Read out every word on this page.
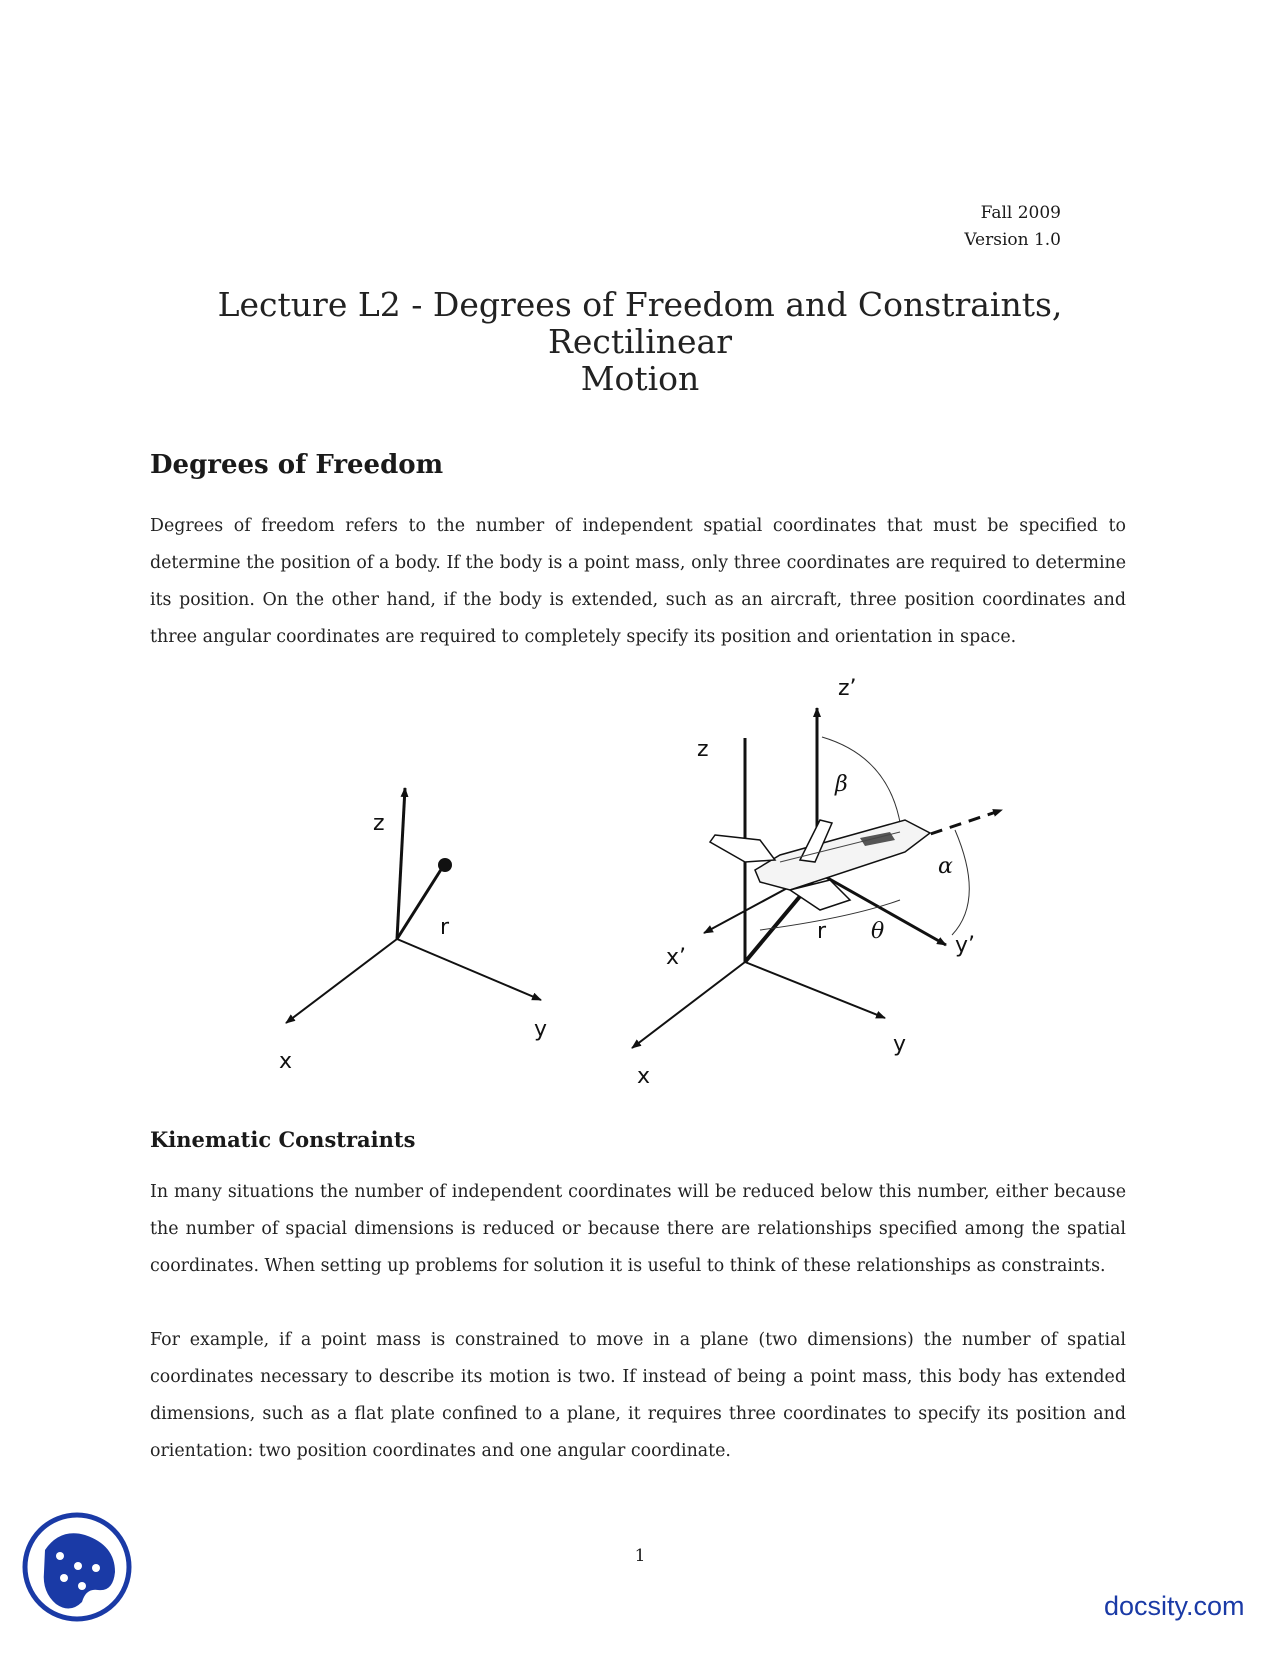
Fall 2009
Version 1.0
Lecture L2 - Degrees of Freedom and Constraints, Rectilinear
Motion
Degrees of Freedom
Degrees of freedom refers to the number of independent spatial coordinates that must be specified to determine the position of a body. If the body is a point mass, only three coordinates are required to determine its position. On the other hand, if the body is extended, such as an aircraft, three position coordinates and three angular coordinates are required to completely specify its position and orientation in space.
z
y
x
r
z
y
x
z’
y’
x’
r
β
α
θ
Kinematic Constraints
In many situations the number of independent coordinates will be reduced below this number, either because the number of spacial dimensions is reduced or because there are relationships specified among the spatial coordinates. When setting up problems for solution it is useful to think of these relationships as constraints.
For example, if a point mass is constrained to move in a plane (two dimensions) the number of spatial coordinates necessary to describe its motion is two. If instead of being a point mass, this body has extended dimensions, such as a flat plate confined to a plane, it requires three coordinates to specify its position and orientation: two position coordinates and one angular coordinate.
1
docsity.com
